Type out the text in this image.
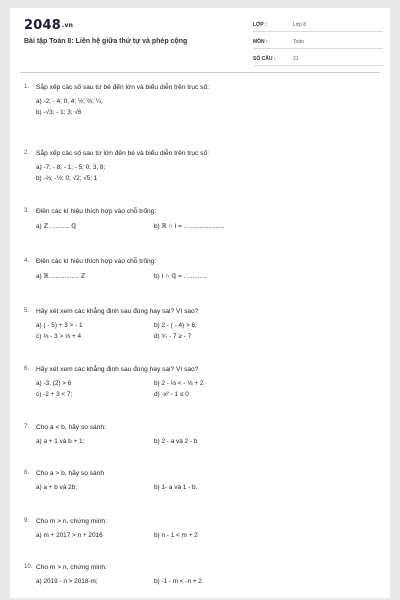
$2048^{.vn}$
Bài tập Toán 8: Liên hệ giữa thứ tự và phép cộng
LỚP :	Lớp 8
MÔN :	Toán
SỐ CÂU :	21
1. Sắp xếp các số sau từ bé đến lớn và biểu diễn trên trục số:
a) -2; - 4; 0, 4; ½; ⅔; ¼;
b) -√3; - 1; 3; √6
2. Sắp xếp các số sau từ lớn đến bé và biểu diễn trên trục số:
a) -7; - 8; - 1; - 5; 0, 3, 8;
b) -⅔; -½; 0; √2; √5; 1
3. Điền các kí hiệu thích hợp vào chỗ trống:
a) ℤ . ......... ℚ	b) ℝ ∩ I = . .....................
4. Điền các kí hiệu thích hợp vào chỗ trống:
a) ℝ. ............... ℤ	b) I ∩ ℚ = . ...........
5. Hãy xét xem các khẳng định sau đúng hay sai? Vì sao?
a) ( - 5) + 3 > - 1	b) 2 - ( - 4) > 6;
c) ⅓ - 3 > ⅓ + 4	d) ⁵⁄₇ - 7 ≥ - 7
6. Hãy xét xem các khẳng định sau đúng hay sai? Vì sao?
a) -3. (2) > 6	b) 2 - ⅓ < - ⅓ + 2
c) -2 + 3 < 7;	d) -x² - 1 ≤ 0
7. Cho a < b, hãy so sánh:
a) a + 1 và b + 1;	b) 2 - a và 2 - b
8. Cho a > b, hãy so sánh
a) a + b và 2b;	b) 1- a và 1 - b.
9. Cho m > n, chứng minh:
a) m + 2017 > n + 2016	b) n - 1 < m + 2
10. Cho m > n, chứng minh:
a) 2019 - n > 2018-m;	b) -1 - m < -n + 2.
